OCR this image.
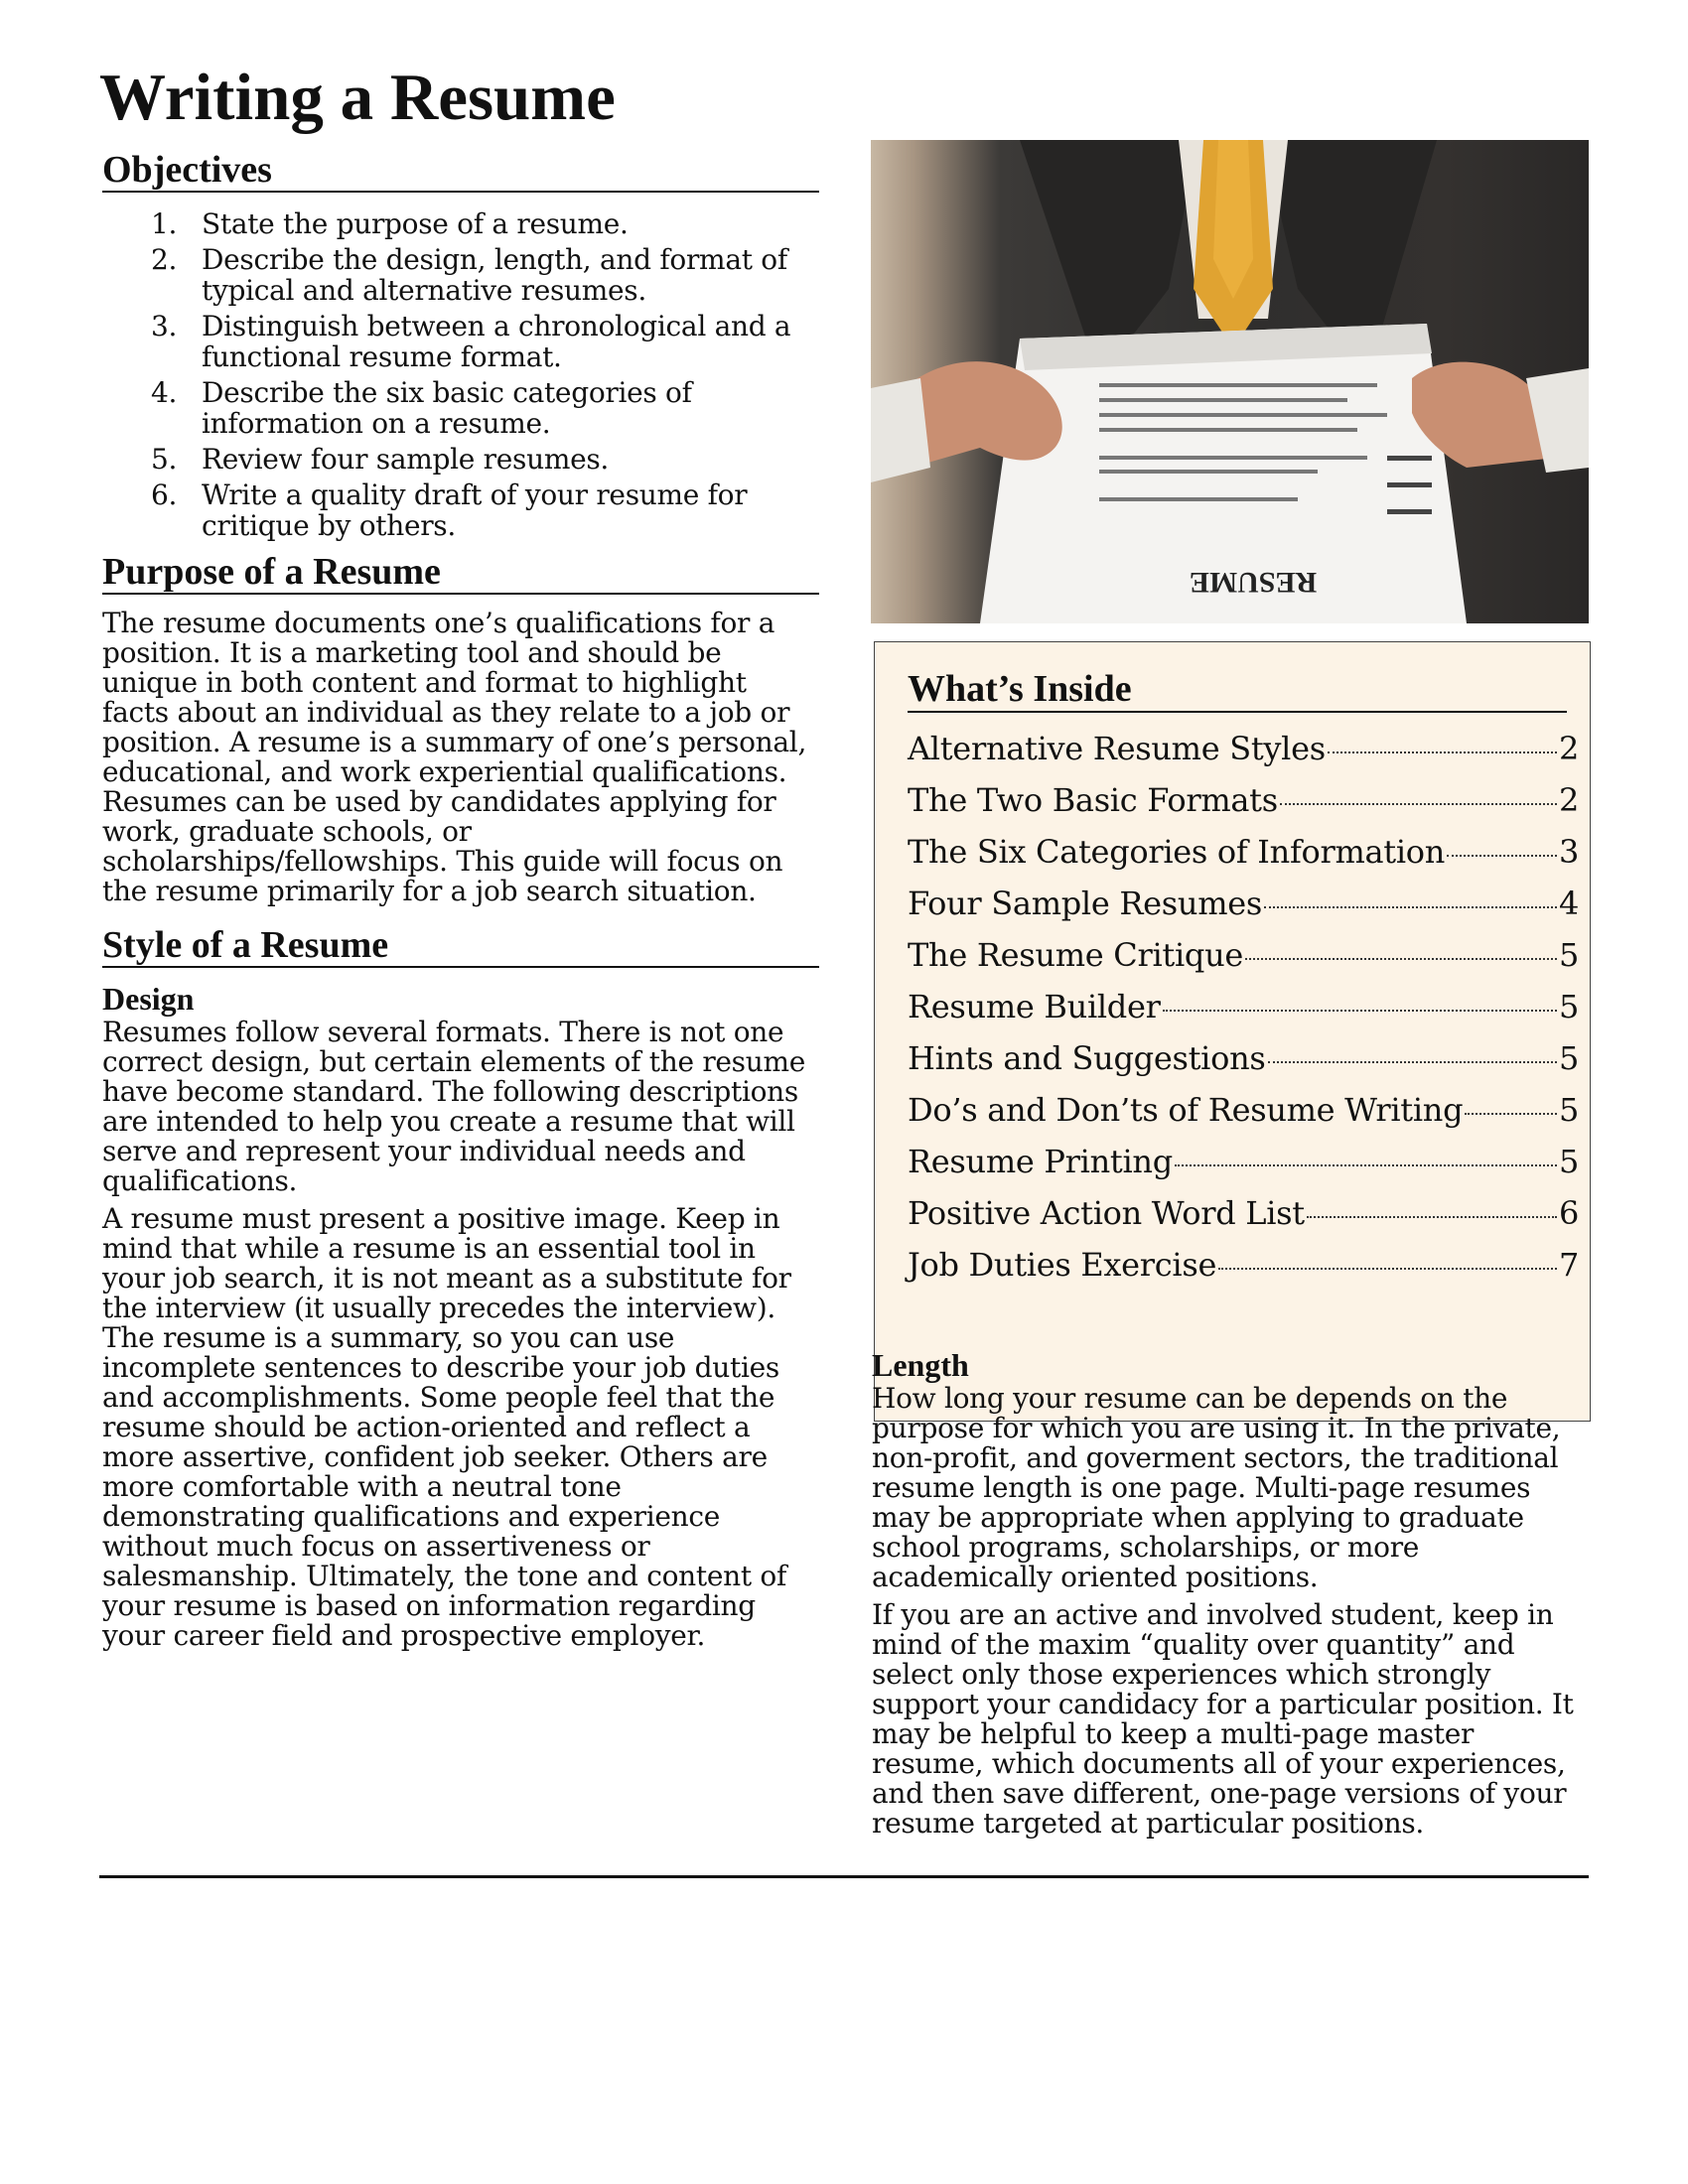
Writing a Resume
Objectives
1. State the purpose of a resume.
2. Describe the design, length, and format of typical and alternative resumes.
3. Distinguish between a chronological and a functional resume format.
4. Describe the six basic categories of information on a resume.
5. Review four sample resumes.
6. Write a quality draft of your resume for critique by others.
Purpose of a Resume

The resume documents one’s qualifications for a position. It is a marketing tool and should be unique in both content and format to highlight facts about an individual as they relate to a job or position. A resume is a summary of one’s personal, educational, and work experiential qualifications. Resumes can be used by candidates applying for work, graduate schools, or scholarships/fellowships. This guide will focus on the resume primarily for a job search situation.

Style of a Resume
Design

Resumes follow several formats. There is not one correct design, but certain elements of the resume have become standard. The following descriptions are intended to help you create a resume that will serve and represent your individual needs and qualifications.

A resume must present a positive image. Keep in mind that while a resume is an essential tool in your job search, it is not meant as a substitute for the interview (it usually precedes the interview). The resume is a summary, so you can use incomplete sentences to describe your job duties and accomplishments. Some people feel that the resume should be action-oriented and reflect a more assertive, confident job seeker. Others are more comfortable with a neutral tone demonstrating qualifications and experience without much focus on assertiveness or salesmanship. Ultimately, the tone and content of your resume is based on information regarding your career field and prospective employer.

RESUME
What’s Inside
Alternative Resume Styles	2
The Two Basic Formats	2
The Six Categories of Information	3
Four Sample Resumes	4
The Resume Critique	5
Resume Builder	5
Hints and Suggestions	5
Do’s and Don’ts of Resume Writing	5
Resume Printing	5
Positive Action Word List	6
Job Duties Exercise	7
Length

How long your resume can be depends on the purpose for which you are using it. In the private, non-profit, and goverment sectors, the traditional resume length is one page. Multi-page resumes may be appropriate when applying to graduate school programs, scholarships, or more academically oriented positions.

If you are an active and involved student, keep in mind of the maxim “quality over quantity” and select only those experiences which strongly support your candidacy for a particular position. It may be helpful to keep a multi-page master resume, which documents all of your experiences, and then save different, one-page versions of your resume targeted at particular positions.
